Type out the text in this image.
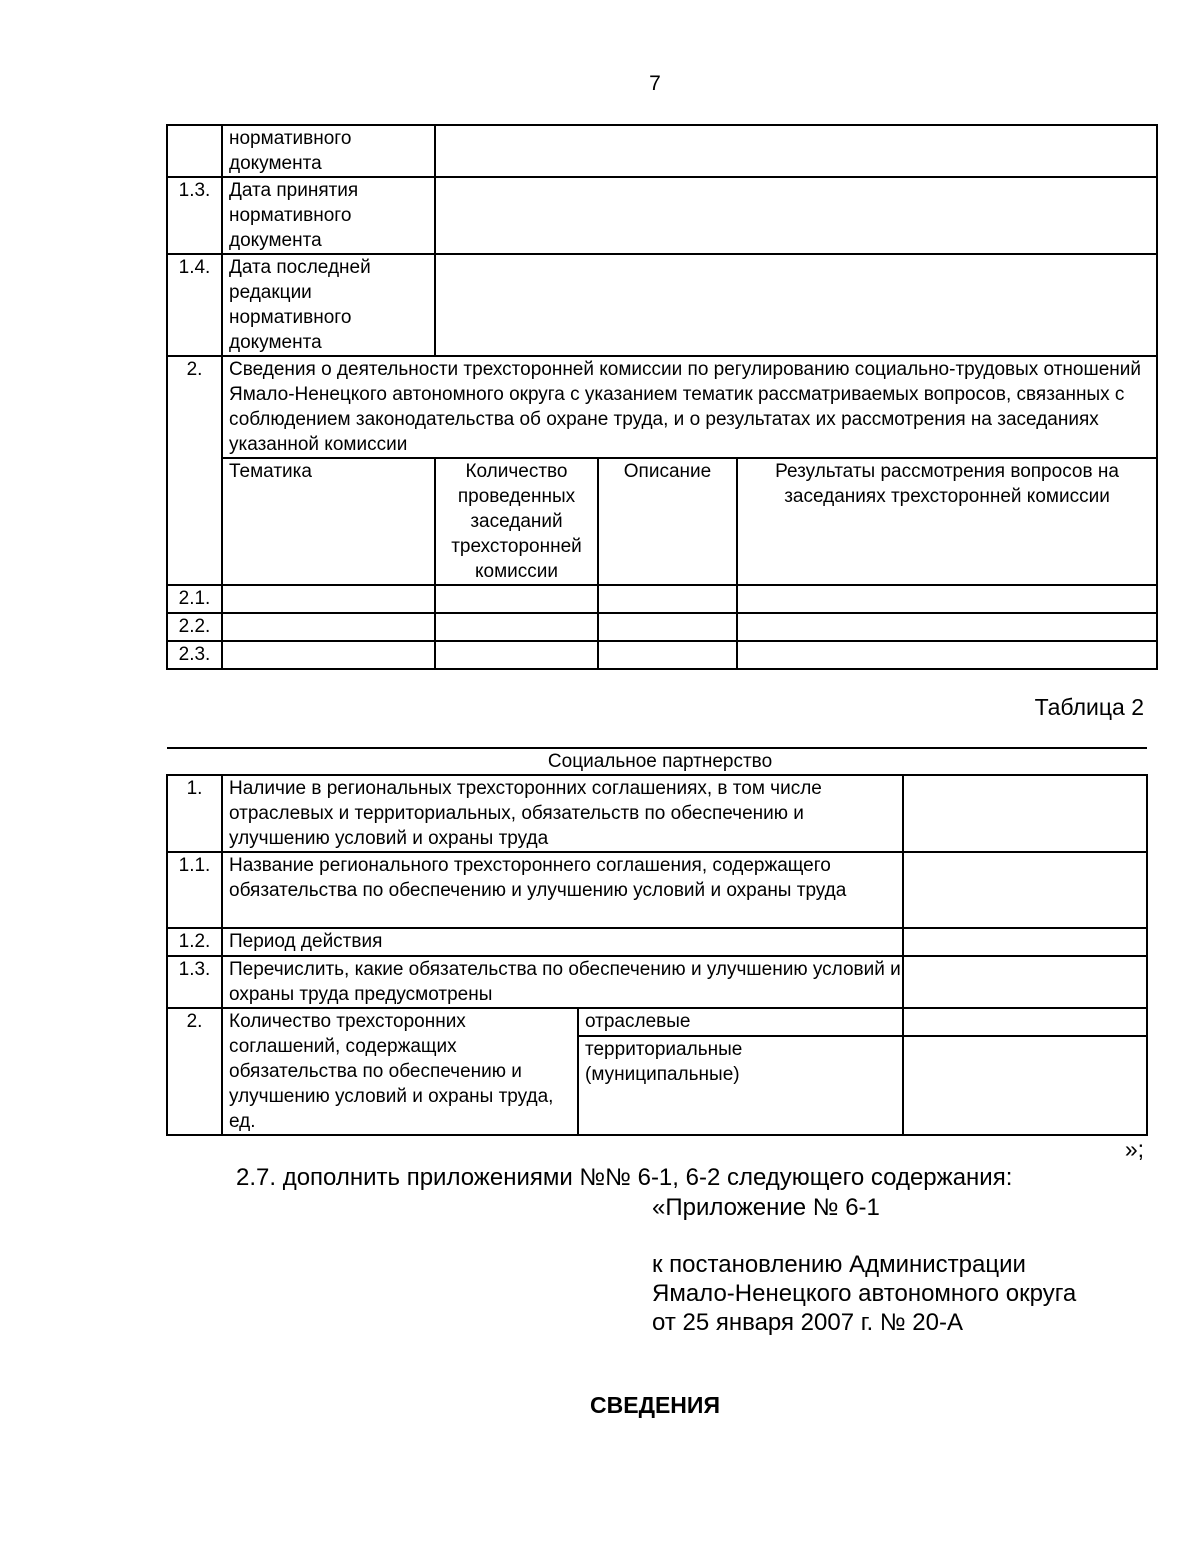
7
	нормативного документа			
1.3.	Дата принятия нормативного документа			
1.4.	Дата последней редакции нормативного документа			
2.	Сведения о деятельности трехсторонней комиссии по регулированию социально-трудовых отношений Ямало-Ненецкого автономного округа с указанием тематик рассматриваемых вопросов, связанных с соблюдением законодательства об охране труда, и о результатах их рассмотрения на заседаниях указанной комиссии			
	Тематика	Количество проведенных заседаний трехсторонней комиссии	Описание	Результаты рассмотрения вопросов на заседаниях трехсторонней комиссии
2.1.				
2.2.				
2.3.				
Таблица 2
Социальное партнерство			
1.	Наличие в региональных трехсторонних соглашениях, в том числе отраслевых и территориальных, обязательств по обеспечению и улучшению условий и охраны труда		
1.1.	Название регионального трехстороннего соглашения, содержащего обязательства по обеспечению и улучшению условий и охраны труда		
1.2.	Период действия		
1.3.	Перечислить, какие обязательства по обеспечению и улучшению условий и охраны труда предусмотрены		
2.	Количество трехсторонних соглашений, содержащих обязательства по обеспечению и улучшению условий и охраны труда, ед.	отраслевые	
		территориальные (муниципальные)	
»;
2.7. дополнить приложениями №№ 6-1, 6-2 следующего содержания:
«Приложение № 6-1
к постановлению Администрации
Ямало-Ненецкого автономного округа
от 25 января 2007 г. № 20-А
СВЕДЕНИЯ
